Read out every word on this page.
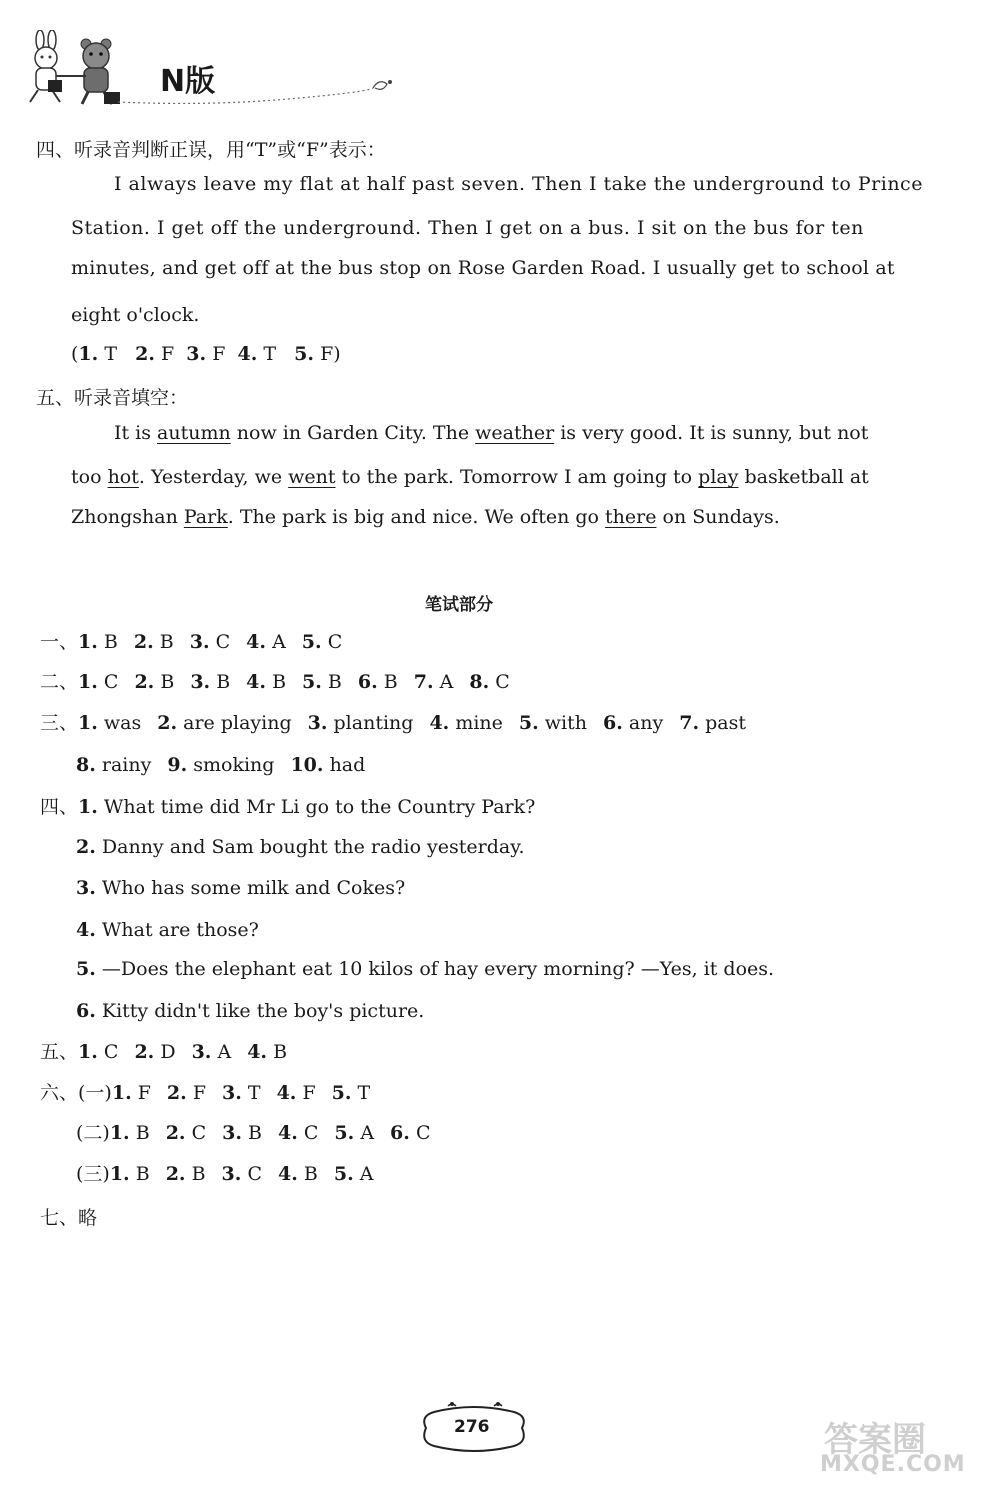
N版
四、听录音判断正误，用“T”或“F”表示：
I always leave my flat at half past seven. Then I take the underground to Prince
Station. I get off the underground. Then I get on a bus. I sit on the bus for ten
minutes, and get off at the bus stop on Rose Garden Road. I usually get to school at
eight o'clock.
(1. T 2. F 3. F 4. T 5. F)
五、听录音填空：
It is autumn now in Garden City. The weather is very good. It is sunny, but not
too hot. Yesterday, we went to the park. Tomorrow I am going to play basketball at
Zhongshan Park. The park is big and nice. We often go there on Sundays.
笔试部分
一、1. B 2. B 3. C 4. A 5. C
二、1. C 2. B 3. B 4. B 5. B 6. B 7. A 8. C
三、1. was 2. are playing 3. planting 4. mine 5. with 6. any 7. past
8. rainy 9. smoking 10. had
四、1. What time did Mr Li go to the Country Park?
2. Danny and Sam bought the radio yesterday.
3. Who has some milk and Cokes?
4. What are those?
5. —Does the elephant eat 10 kilos of hay every morning? —Yes, it does.
6. Kitty didn't like the boy's picture.
五、1. C 2. D 3. A 4. B
六、(一)1. F 2. F 3. T 4. F 5. T
(二)1. B 2. C 3. B 4. C 5. A 6. C
(三)1. B 2. B 3. C 4. B 5. A
七、略
276	答案圈
MXQE.COM
